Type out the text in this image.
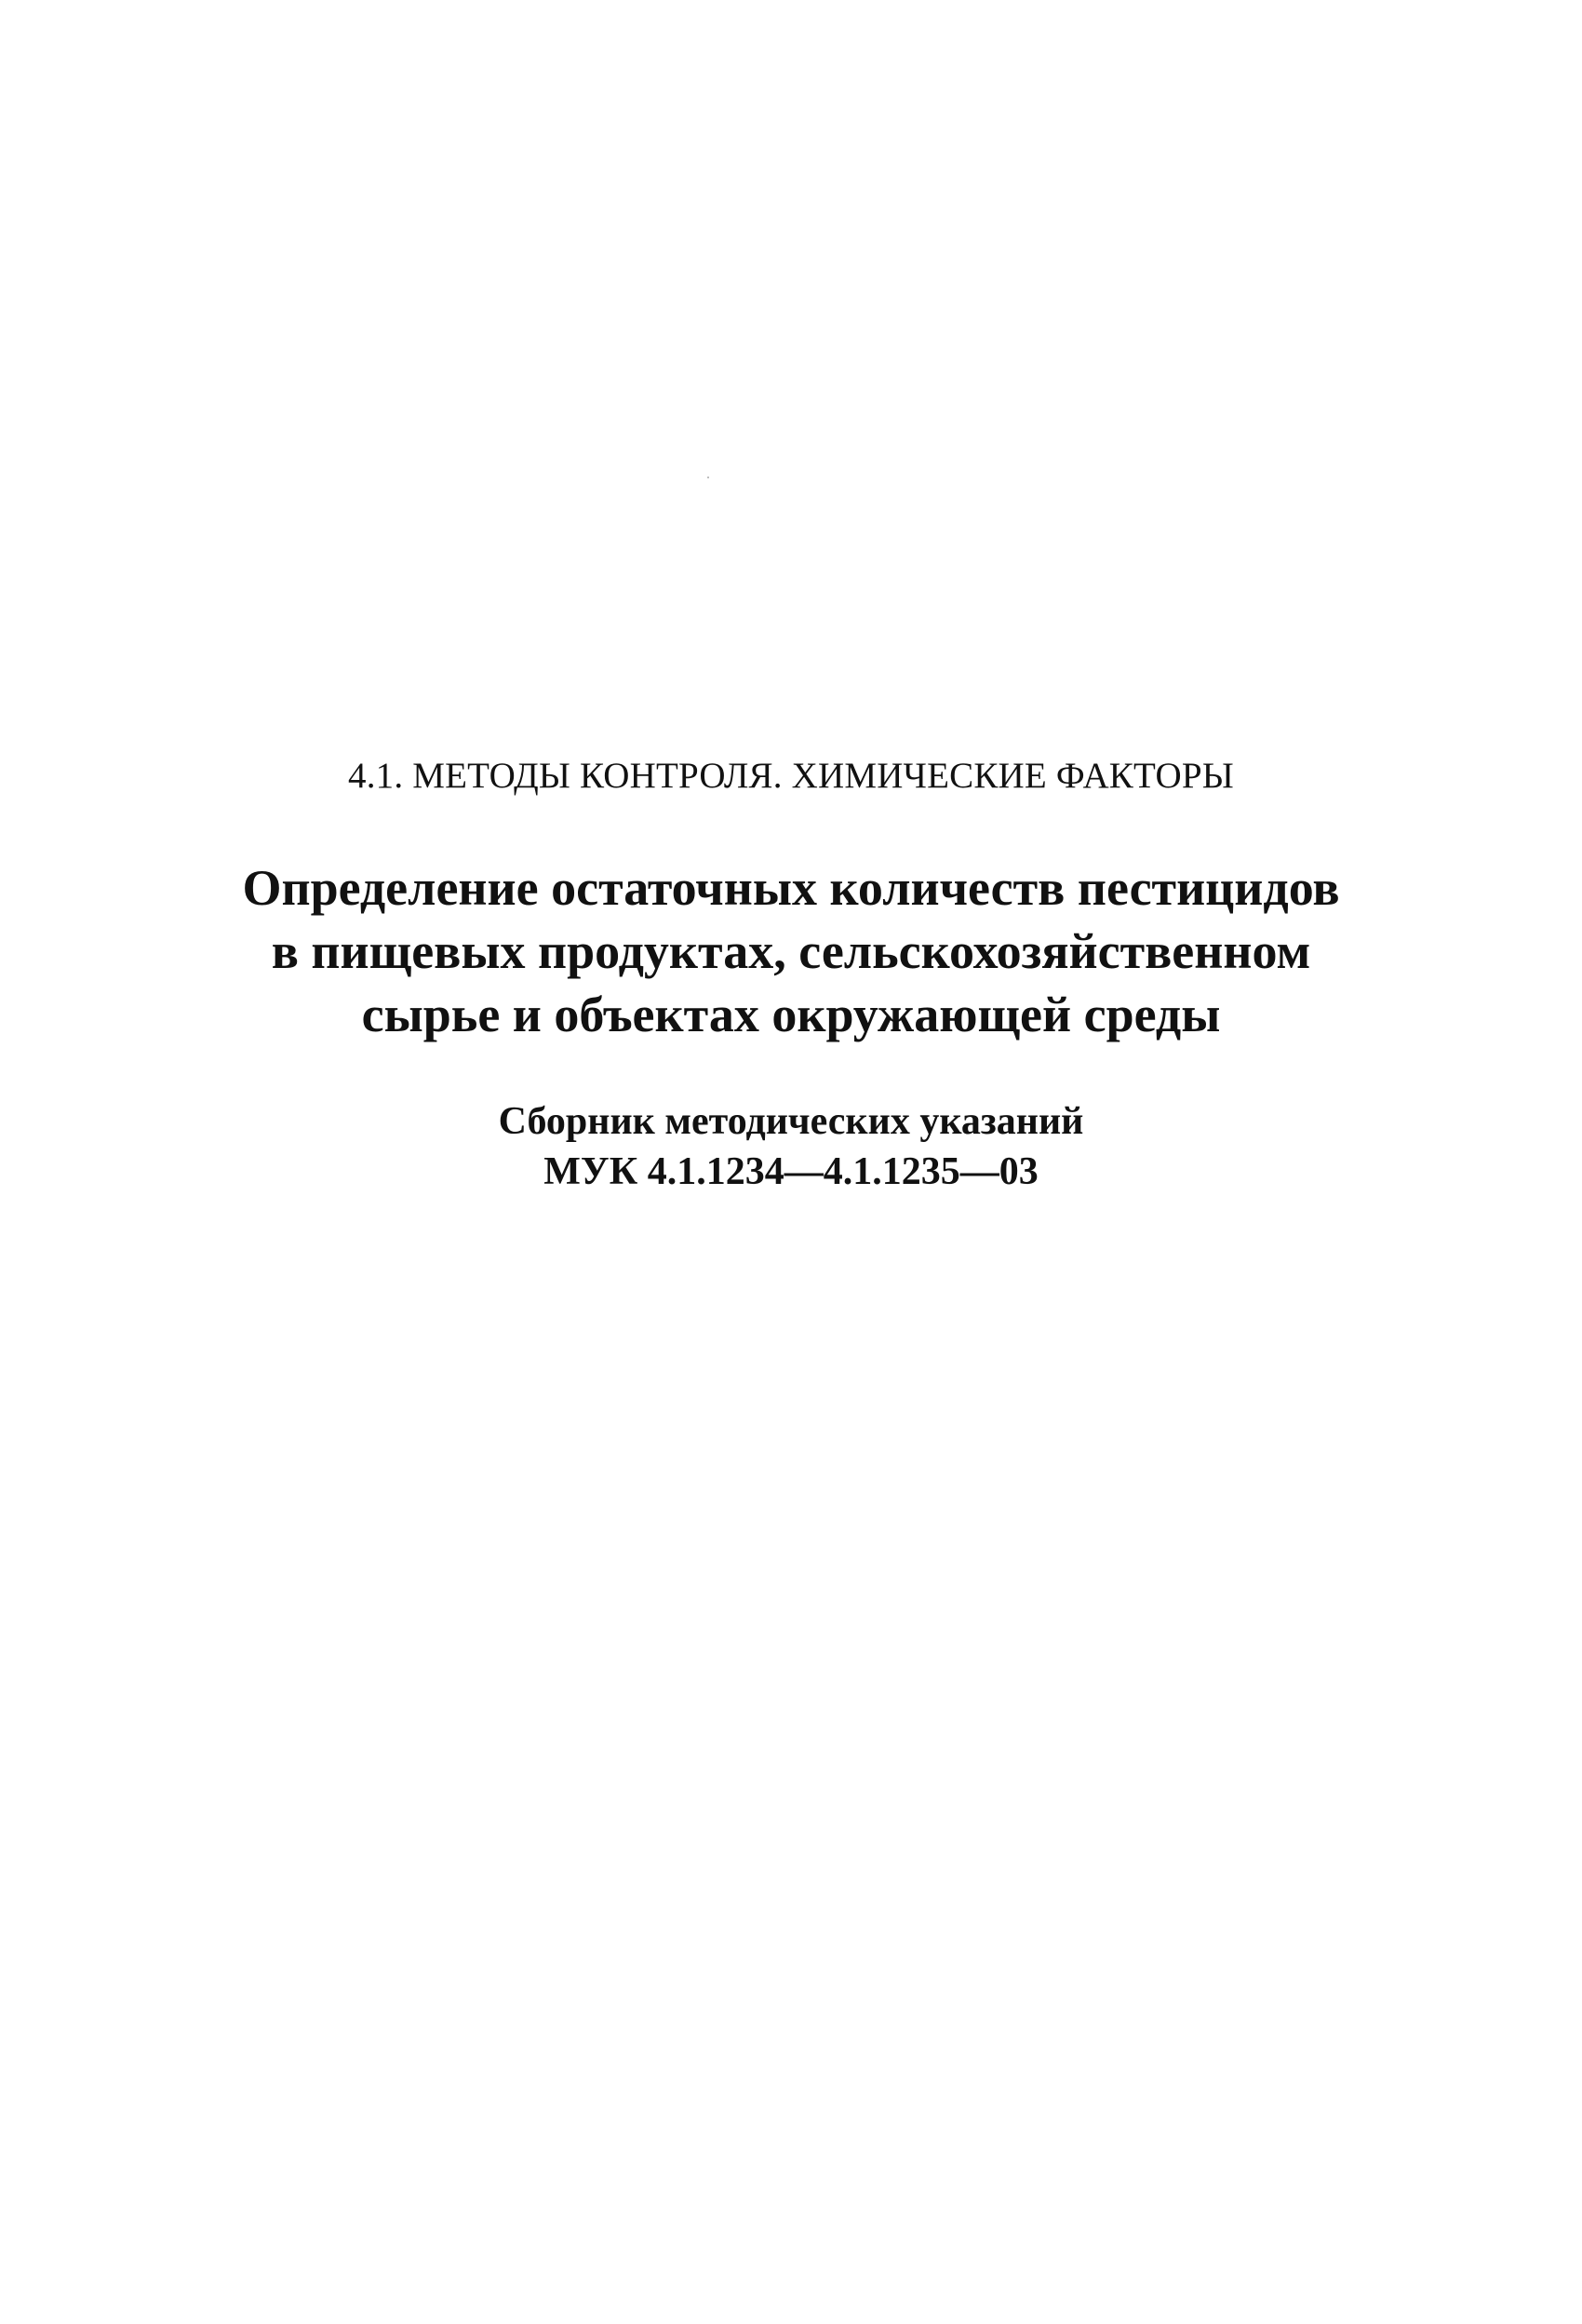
4.1. МЕТОДЫ КОНТРОЛЯ. ХИМИЧЕСКИЕ ФАКТОРЫ
Определение остаточных количеств пестицидов
в пищевых продуктах, сельскохозяйственном
сырье и объектах окружающей среды
Сборник методических указаний
МУК 4.1.1234—4.1.1235—03
